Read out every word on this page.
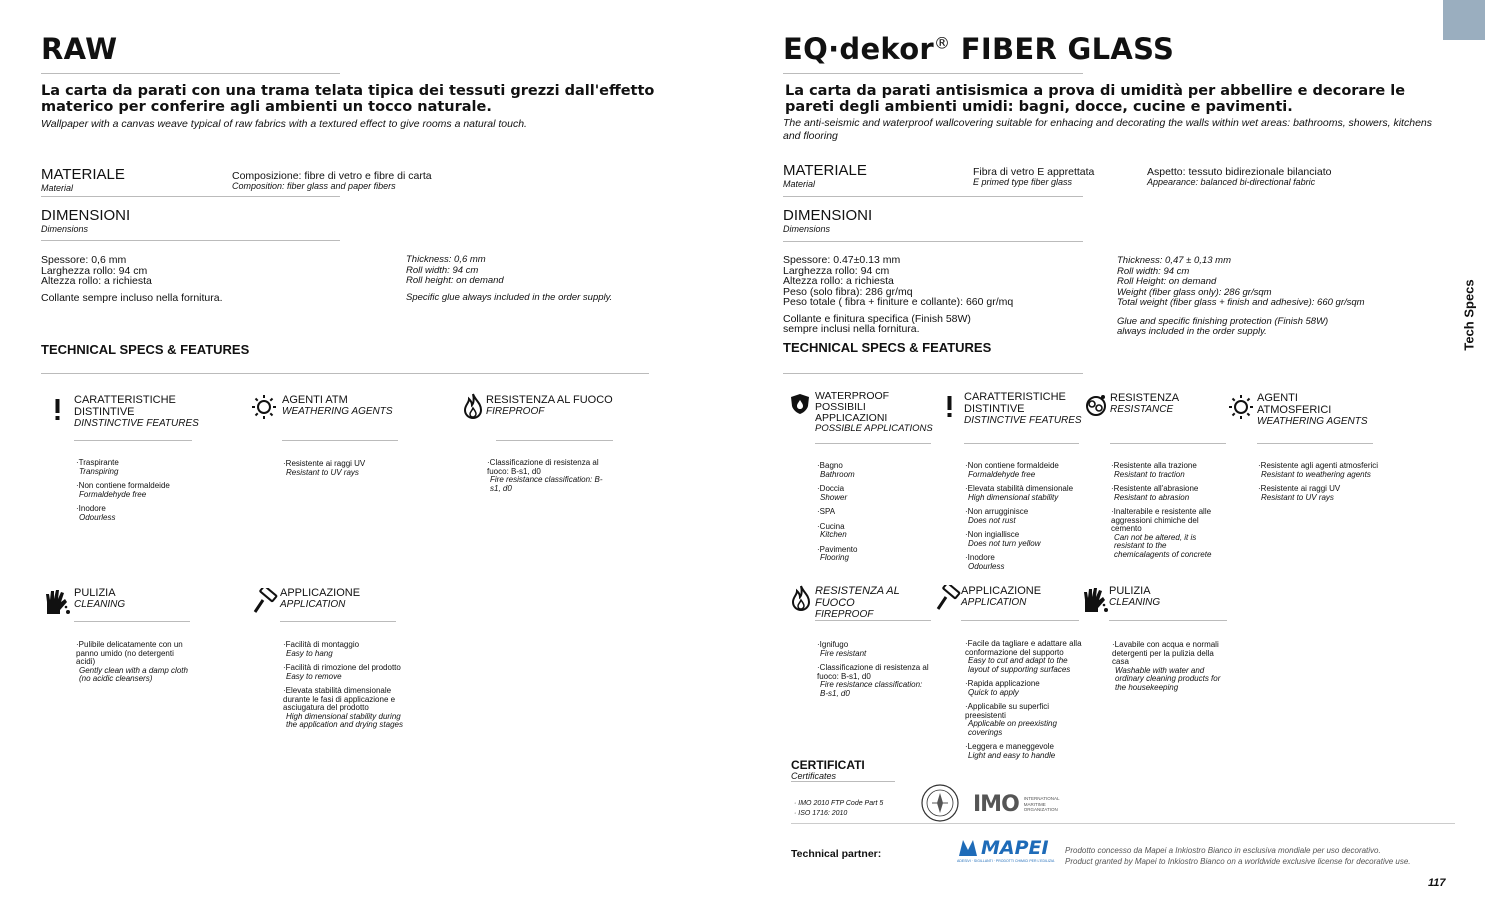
RAW
La carta da parati con una trama telata tipica dei tessuti grezzi dall'effetto materico per conferire agli ambienti un tocco naturale.
Wallpaper with a canvas weave typical of raw fabrics with a textured effect to give rooms a natural touch.
MATERIALE
Material
Composizione: fibre di vetro e fibre di carta
Composition: fiber glass and paper fibers
DIMENSIONI
Dimensions
Spessore: 0,6 mm
Larghezza rollo: 94 cm
Altezza rollo: a richiesta
Collante sempre incluso nella fornitura.
Thickness: 0,6 mm
Roll width: 94 cm
Roll height: on demand
Specific glue always included in the order supply.
TECHNICAL SPECS & FEATURES
CARATTERISTICHE DISTINTIVE
DINSTINCTIVE FEATURES

· Traspirante
Transpiring

· Non contiene formaldeide
Formaldehyde free

· Inodore
Odourless

AGENTI ATM
WEATHERING AGENTS

· Resistente ai raggi UV
Resistant to UV rays

RESISTENZA AL FUOCO
FIREPROOF

· Classificazione di resistenza al fuoco: B-s1, d0
Fire resistance classification: B-s1, d0

PULIZIA
CLEANING

· Pulibile delicatamente con un panno umido (no detergenti acidi)
Gently clean with a damp cloth (no acidic cleansers)

APPLICAZIONE
APPLICATION

· Facilità di montaggio
Easy to hang

· Facilità di rimozione del prodotto
Easy to remove

· Elevata stabilità dimensionale durante le fasi di applicazione e asciugatura del prodotto
High dimensional stability during the application and drying stages

EQ·dekor® FIBER GLASS
La carta da parati antisismica a prova di umidità per abbellire e decorare le pareti degli ambienti umidi: bagni, docce, cucine e pavimenti.
The anti-seismic and waterproof wallcovering suitable for enhacing and decorating the walls within wet areas: bathrooms, showers, kitchens and flooring
MATERIALE
Material
Fibra di vetro E apprettata
E primed type fiber glass
Aspetto: tessuto bidirezionale bilanciato
Appearance: balanced bi-directional fabric
DIMENSIONI
Dimensions
Spessore: 0.47±0.13 mm
Larghezza rollo: 94 cm
Altezza rollo: a richiesta
Peso (solo fibra): 286 gr/mq
Peso totale ( fibra + finiture e collante): 660 gr/mq
Collante e finitura specifica (Finish 58W)
sempre inclusi nella fornitura.
Thickness: 0,47 ± 0,13 mm
Roll width: 94 cm
Roll Height: on demand
Weight (fiber glass only): 286 gr/sqm
Total weight (fiber glass + finish and adhesive): 660 gr/sqm
Glue and specific finishing protection (Finish 58W)
always included in the order supply.
TECHNICAL SPECS & FEATURES
WATERPROOF POSSIBILI APPLICAZIONI
POSSIBLE APPLICATIONS

· Bagno
Bathroom

· Doccia
Shower

· SPA

· Cucina
Kitchen

· Pavimento
Flooring

CARATTERISTICHE DISTINTIVE
DISTINCTIVE FEATURES

· Non contiene formaldeide
Formaldehyde free

· Elevata stabilità dimensionale
High dimensional stability

· Non arrugginisce
Does not rust

· Non ingiallisce
Does not turn yellow

· Inodore
Odourless

RESISTENZA
RESISTANCE

· Resistente alla trazione
Resistant to traction

· Resistente all'abrasione
Resistant to abrasion

· Inalterabile e resistente alle aggressioni chimiche del cemento
Can not be altered, it is resistant to the chemicalagents of concrete

AGENTI ATMOSFERICI
WEATHERING AGENTS

· Resistente agli agenti atmosferici
Resistant to weathering agents

· Resistente ai raggi UV
Resistant to UV rays

RESISTENZA AL FUOCO
FIREPROOF

· Ignifugo
Fire resistant

· Classificazione di resistenza al fuoco: B-s1, d0
Fire resistance classification: B-s1, d0

APPLICAZIONE
APPLICATION

· Facile da tagliare e adattare alla conformazione del supporto
Easy to cut and adapt to the layout of supporting surfaces

· Rapida applicazione
Quick to apply

· Applicabile su superfici preesistenti
Applicable on preexisting coverings

· Leggera e maneggevole
Light and easy to handle

PULIZIA
CLEANING

· Lavabile con acqua e normali detergenti per la pulizia della casa
Washable with water and ordinary cleaning products for the housekeeping

CERTIFICATI
Certificates
· IMO 2010 FTP Code Part 5
· ISO 1716: 2010	IMO INTERNATIONAL
MARITIME
ORGANIZATION
Technical partner:	MAPEI
ADESIVI · SIGILLANTI · PRODOTTI CHIMICI PER L'EDILIZIA
Prodotto concesso da Mapei a Inkiostro Bianco in esclusiva mondiale per uso decorativo.
Product granted by Mapei to Inkiostro Bianco on a worldwide exclusive license for decorative use.
Tech Specs
117
